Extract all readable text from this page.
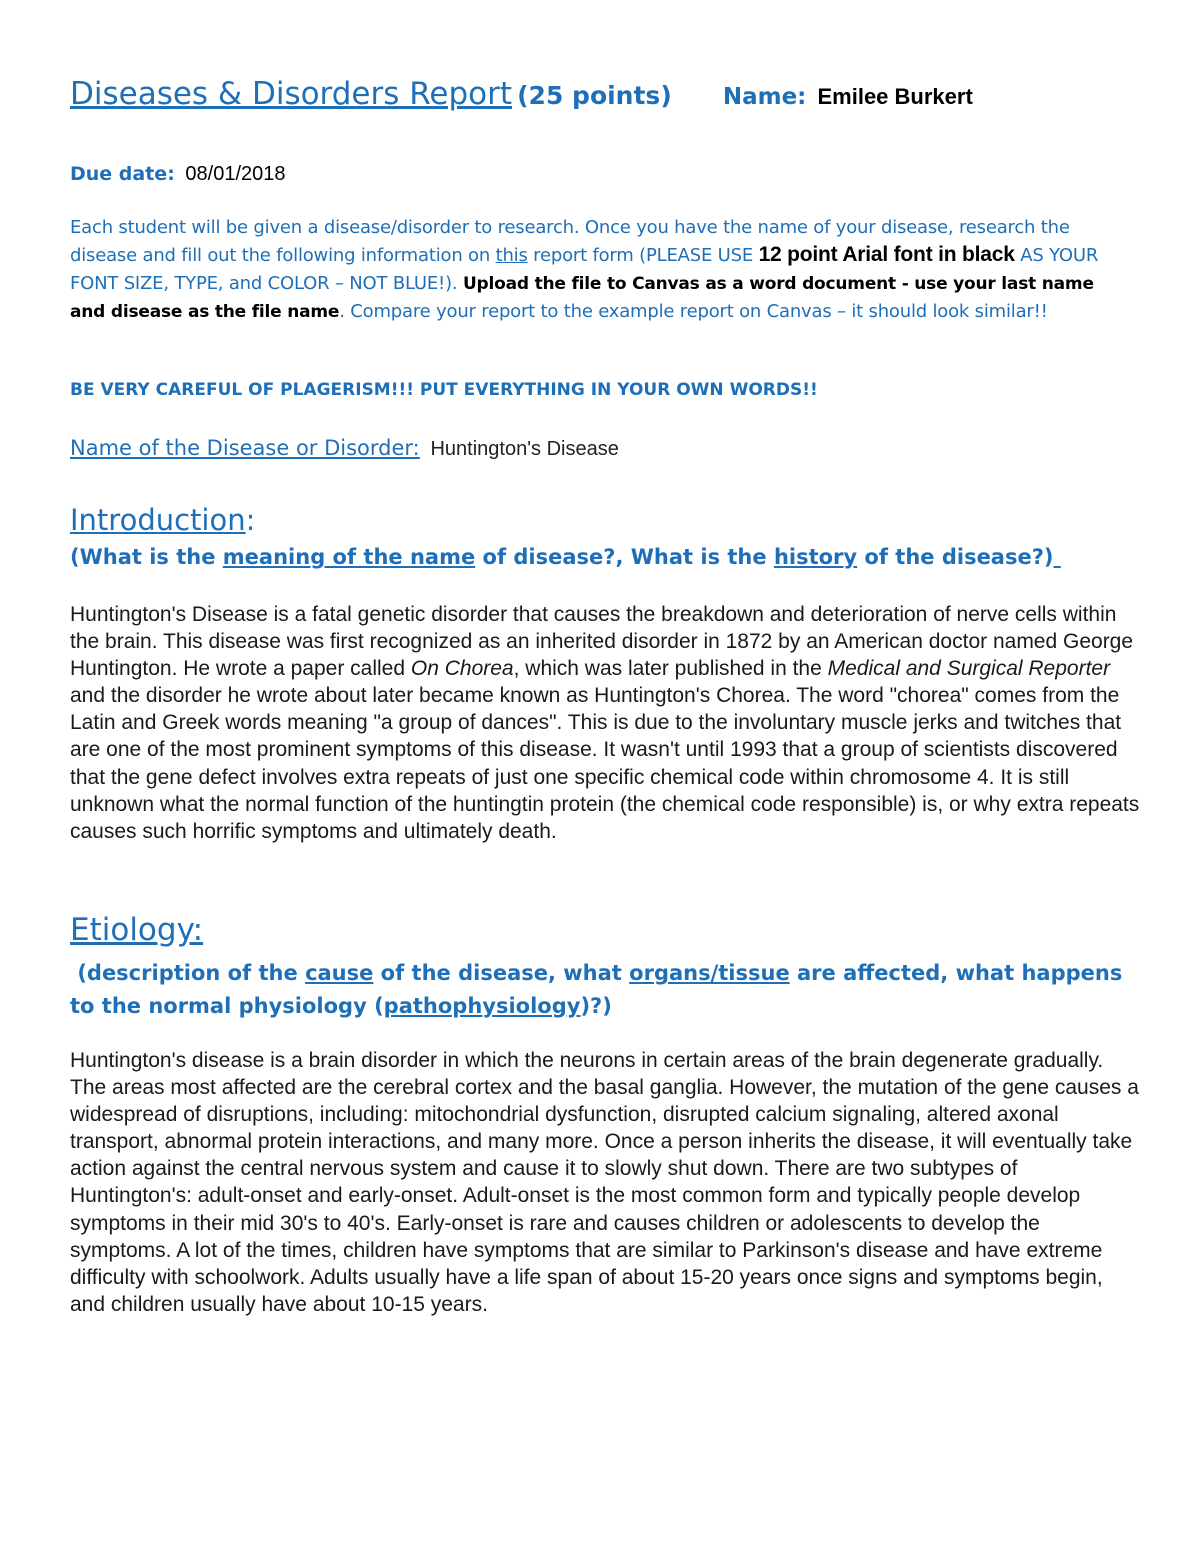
Diseases & Disorders Report (25 points) Name: Emilee Burkert
Due date: 08/01/2018
Each student will be given a disease/disorder to research. Once you have the name of your disease, research the disease and fill out the following information on this report form (PLEASE USE 12 point Arial font in black AS YOUR FONT SIZE, TYPE, and COLOR – NOT BLUE!). Upload the file to Canvas as a word document - use your last name and disease as the file name. Compare your report to the example report on Canvas – it should look similar!!
BE VERY CAREFUL OF PLAGERISM!!! PUT EVERYTHING IN YOUR OWN WORDS!!
Name of the Disease or Disorder: Huntington's Disease
Introduction:
(What is the meaning of the name of disease?, What is the history of the disease?)
Huntington's Disease is a fatal genetic disorder that causes the breakdown and deterioration of nerve cells within the brain. This disease was first recognized as an inherited disorder in 1872 by an American doctor named George Huntington. He wrote a paper called On Chorea, which was later published in the Medical and Surgical Reporter and the disorder he wrote about later became known as Huntington's Chorea. The word "chorea" comes from the Latin and Greek words meaning "a group of dances". This is due to the involuntary muscle jerks and twitches that are one of the most prominent symptoms of this disease. It wasn't until 1993 that a group of scientists discovered that the gene defect involves extra repeats of just one specific chemical code within chromosome 4. It is still unknown what the normal function of the huntingtin protein (the chemical code responsible) is, or why extra repeats causes such horrific symptoms and ultimately death.
Etiology:
(description of the cause of the disease, what organs/tissue are affected, what happens to the normal physiology (pathophysiology)?)
Huntington's disease is a brain disorder in which the neurons in certain areas of the brain degenerate gradually. The areas most affected are the cerebral cortex and the basal ganglia. However, the mutation of the gene causes a widespread of disruptions, including: mitochondrial dysfunction, disrupted calcium signaling, altered axonal transport, abnormal protein interactions, and many more. Once a person inherits the disease, it will eventually take action against the central nervous system and cause it to slowly shut down. There are two subtypes of Huntington's: adult-onset and early-onset. Adult-onset is the most common form and typically people develop symptoms in their mid 30's to 40's. Early-onset is rare and causes children or adolescents to develop the symptoms. A lot of the times, children have symptoms that are similar to Parkinson's disease and have extreme difficulty with schoolwork. Adults usually have a life span of about 15-20 years once signs and symptoms begin, and children usually have about 10-15 years.
